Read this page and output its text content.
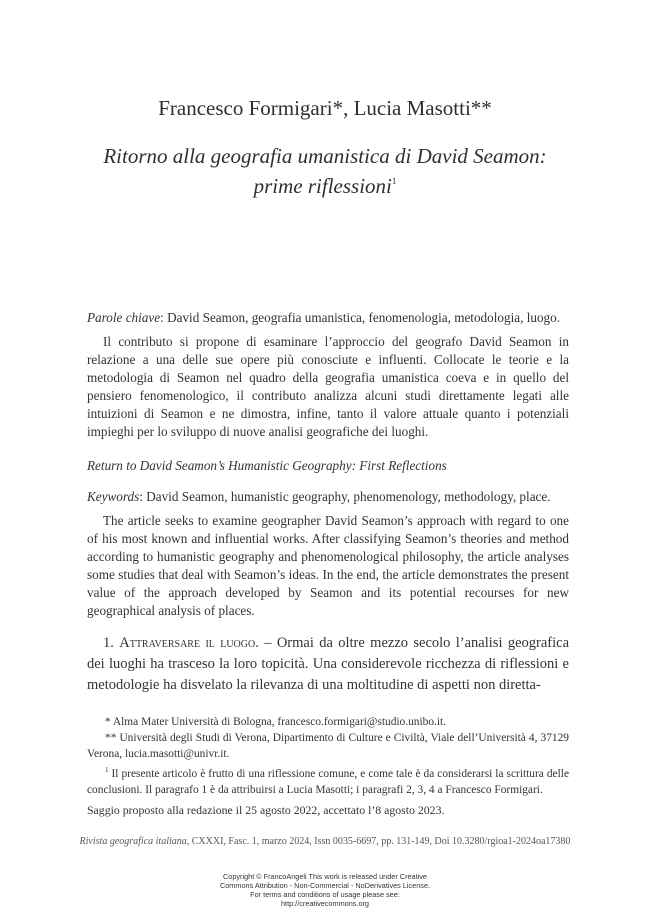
Francesco Formigari*, Lucia Masotti**
Ritorno alla geografia umanistica di David Seamon:
prime riflessioni$^1$
Parole chiave: David Seamon, geografia umanistica, fenomenologia, metodologia, luogo.

Il contributo si propone di esaminare l’approccio del geografo David Seamon in relazione a una delle sue opere più conosciute e influenti. Collocate le teorie e la metodologia di Seamon nel quadro della geografia umanistica coeva e in quello del pensiero fenomenologico, il contributo analizza alcuni studi direttamente legati alle intuizioni di Seamon e ne dimostra, infine, tanto il valore attuale quanto i potenziali impieghi per lo sviluppo di nuove analisi geografiche dei luoghi.

Return to David Seamon’s Humanistic Geography: First Reflections
Keywords: David Seamon, humanistic geography, phenomenology, methodology, place.

The article seeks to examine geographer David Seamon’s approach with regard to one of his most known and influential works. After classifying Seamon’s theories and method according to humanistic geography and phenomenological philosophy, the article analyses some studies that deal with Seamon’s ideas. In the end, the article demonstrates the present value of the approach developed by Seamon and its potential recourses for new geographical analysis of places.

1. Attraversare il luogo. – Ormai da oltre mezzo secolo l’analisi geografica dei luoghi ha trasceso la loro topicità. Una considerevole ricchezza di riflessioni e metodologie ha disvelato la rilevanza di una moltitudine di aspetti non diretta-

* Alma Mater Università di Bologna, francesco.formigari@studio.unibo.it.

** Università degli Studi di Verona, Dipartimento di Culture e Civiltà, Viale dell’Università 4, 37129 Verona, lucia.masotti@univr.it.

$^1$ Il presente articolo è frutto di una riflessione comune, e come tale è da considerarsi la scrittura delle conclusioni. Il paragrafo 1 è da attribuirsi a Lucia Masotti; i paragrafi 2, 3, 4 a Francesco Formigari.

Saggio proposto alla redazione il 25 agosto 2022, accettato l’8 agosto 2023.
Rivista geografica italiana, CXXXI, Fasc. 1, marzo 2024, Issn 0035-6697, pp. 131-149, Doi 10.3280/rgioa1-2024oa17380
Copyright © FrancoAngeli This work is released under Creative
Commons Attribution - Non-Commercial - NoDerivatives License.
For terms and conditions of usage please see:
http://creativecommons.org
